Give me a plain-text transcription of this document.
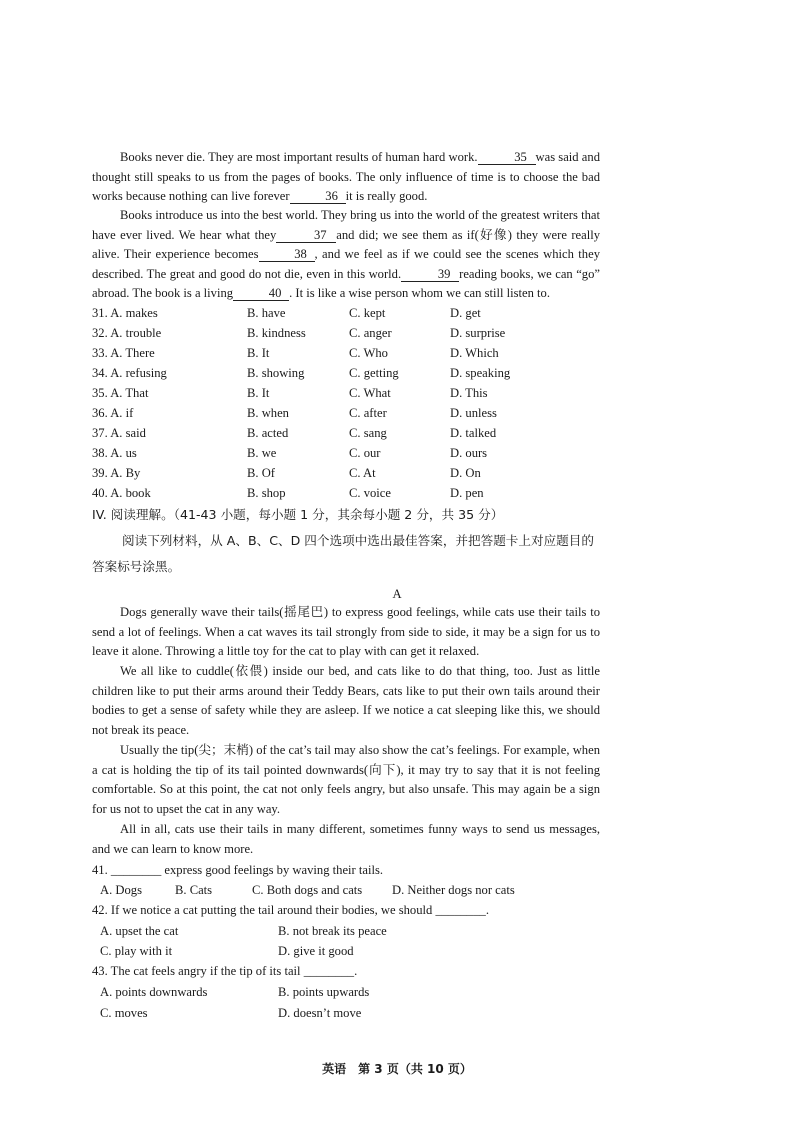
Books never die. They are most important results of human hard work.	35 was said and thought still speaks to us from the pages of books. The only influence of time is to choose the bad works because nothing can live forever	36 it is really good.

Books introduce us into the best world. They bring us into the world of the greatest writers that have ever lived. We hear what they	37 and did; we see them as if(好像) they were really alive. Their experience becomes	38 , and we feel as if we could see the scenes which they described. The great and good do not die, even in this world.	39 reading books, we can “go” abroad. The book is a living	40 . It is like a wise person whom we can still listen to.

31. A. makes	B. have	C. kept	D. get
32. A. trouble	B. kindness	C. anger	D. surprise
33. A. There	B. It	C. Who	D. Which
34. A. refusing	B. showing	C. getting	D. speaking
35. A. That	B. It	C. What	D. This
36. A. if	B. when	C. after	D. unless
37. A. said	B. acted	C. sang	D. talked
38. A. us	B. we	C. our	D. ours
39. A. By	B. Of	C. At	D. On
40. A. book	B. shop	C. voice	D. pen
IV. 阅读理解。（41-43 小题，每小题 1 分，其余每小题 2 分，共 35 分）

阅读下列材料，从 A、B、C、D 四个选项中选出最佳答案，并把答题卡上对应题目的答案标号涂黑。

A

Dogs generally wave their tails(摇尾巴) to express good feelings, while cats use their tails to send a lot of feelings. When a cat waves its tail strongly from side to side, it may be a sign for us to leave it alone. Throwing a little toy for the cat to play with can get it relaxed.

We all like to cuddle(依偎) inside our bed, and cats like to do that thing, too. Just as little children like to put their arms around their Teddy Bears, cats like to put their own tails around their bodies to get a sense of safety while they are asleep. If we notice a cat sleeping like this, we should not break its peace.

Usually the tip(尖；末梢) of the cat’s tail may also show the cat’s feelings. For example, when a cat is holding the tip of its tail pointed downwards(向下), it may try to say that it is not feeling comfortable. So at this point, the cat not only feels angry, but also unsafe. This may again be a sign for us not to upset the cat in any way.

All in all, cats use their tails in many different, sometimes funny ways to send us messages, and we can learn to know more.

41. ________ express good feelings by waving their tails.
A. Dogs	B. Cats	C. Both dogs and cats D. Neither dogs nor cats
42. If we notice a cat putting the tail around their bodies, we should ________.
A. upset the cat	B. not break its peace
C. play with it	D. give it good
43. The cat feels angry if the tip of its tail ________.
A. points downwards	B. points upwards
C. moves	D. doesn’t move
英语　第 3 页（共 10 页）
